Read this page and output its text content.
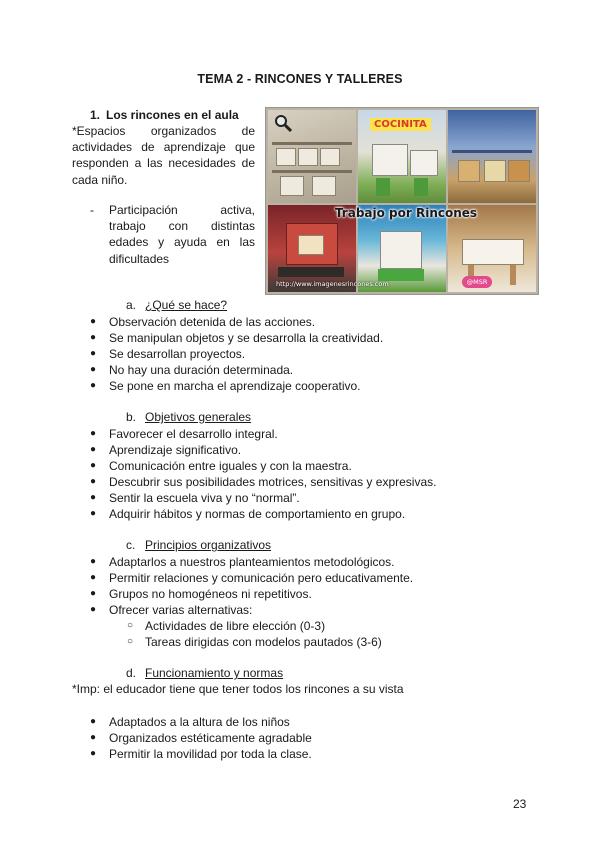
TEMA 2 - RINCONES Y TALLERES
1. Los rincones en el aula
*Espacios organizados de actividades de aprendizaje que responden a las necesidades de cada niño.
- Participación activa, trabajo con distintas edades y ayuda en las dificultades
COCINITA
Trabajo por Rincones
http://www.imagenesrincones.com	@MSR
a. ¿Qué se hace?
● Observación detenida de las acciones.
● Se manipulan objetos y se desarrolla la creatividad.
● Se desarrollan proyectos.
● No hay una duración determinada.
● Se pone en marcha el aprendizaje cooperativo.
b. Objetivos generales
● Favorecer el desarrollo integral.
● Aprendizaje significativo.
● Comunicación entre iguales y con la maestra.
● Descubrir sus posibilidades motrices, sensitivas y expresivas.
● Sentir la escuela viva y no “normal”.
● Adquirir hábitos y normas de comportamiento en grupo.
c. Principios organizativos
● Adaptarlos a nuestros planteamientos metodológicos.
● Permitir relaciones y comunicación pero educativamente.
● Grupos no homogéneos ni repetitivos.
● Ofrecer varias alternativas:
○ Actividades de libre elección (0-3)
○ Tareas dirigidas con modelos pautados (3-6)
d. Funcionamiento y normas
*Imp: el educador tiene que tener todos los rincones a su vista
● Adaptados a la altura de los niños
● Organizados estéticamente agradable
● Permitir la movilidad por toda la clase.
23
